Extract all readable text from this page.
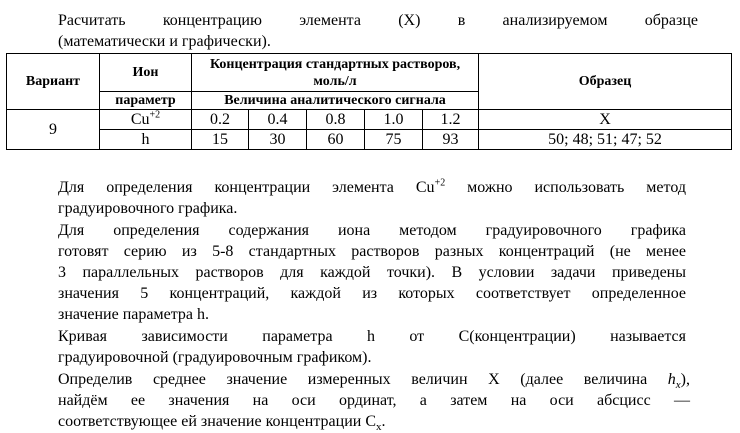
Расчитать концентрацию элемента (Х) в анализируемом образце

(математически и графически).

Вариант	Ион	Концентрация стандартных растворов, моль/л					Образец
	параметр	Величина аналитического сигнала					
9	$Cu^{+2}$	0.2	0.4	0.8	1.0	1.2	X
	h	15	30	60	75	93	50; 48; 51; 47; 52

Для определения концентрации элемента $Cu^{+2}$ можно использовать метод

градуировочного графика.

Для определения содержания иона методом градуировочного графика

готовят серию из 5-8 стандартных растворов разных концентраций (не менее

3 параллельных растворов для каждой точки). В условии задачи приведены

значения 5 концентраций, каждой из которых соответствует определенное

значение параметра h.

Кривая зависимости параметра h от С(концентрации) называется

градуировочной (градуировочным графиком).

Определив среднее значение измеренных величин Х (далее величина $h_x$),

найдём ее значения на оси ординат, а затем на оси абсцисс —

соответствующее ей значение концентрации $С_x$.
